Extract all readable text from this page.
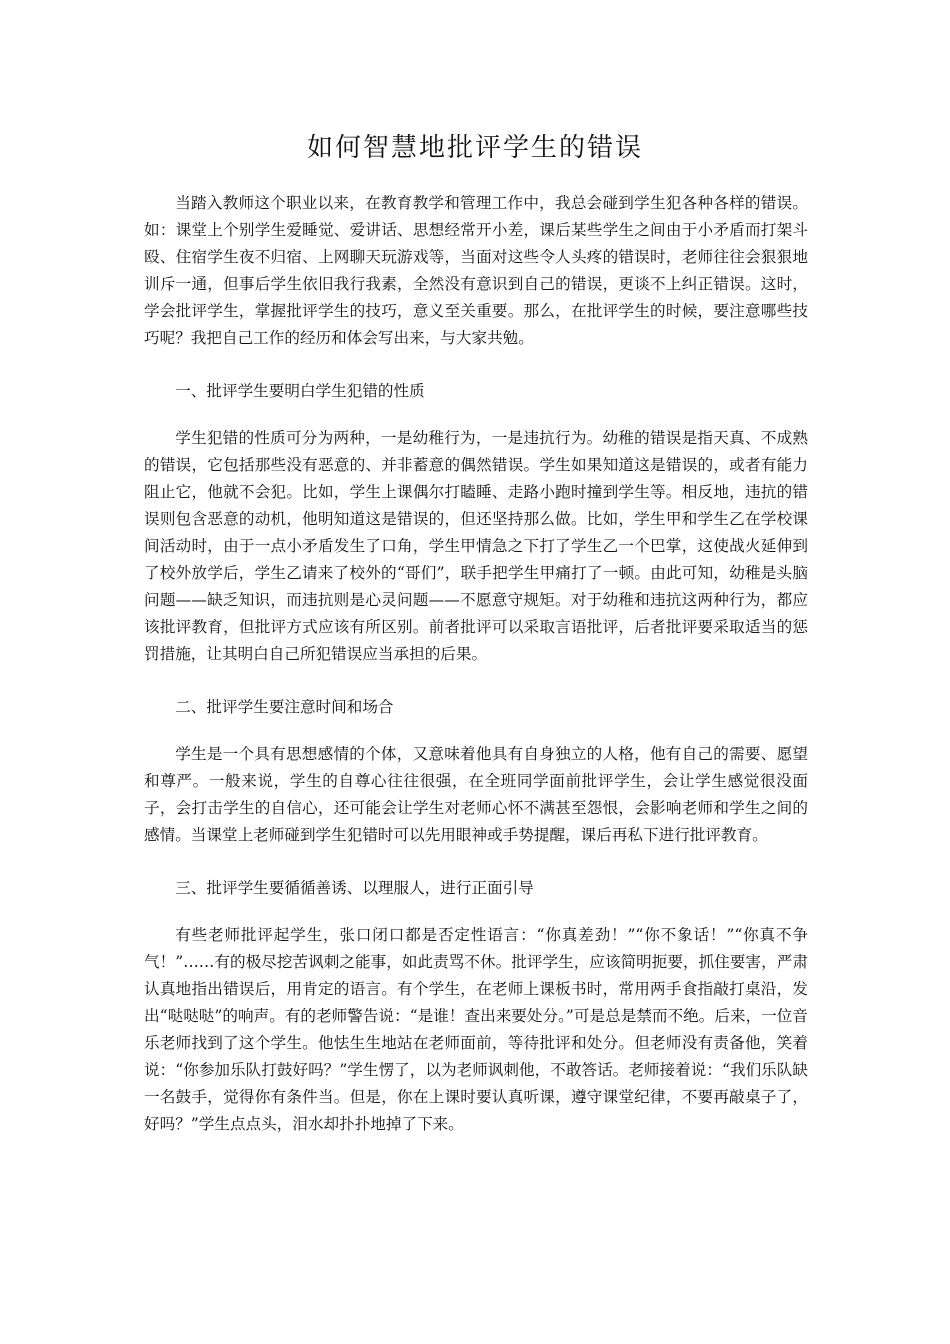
如何智慧地批评学生的错误

当踏入教师这个职业以来，在教育教学和管理工作中，我总会碰到学生犯各种各样的错误。如：课堂上个别学生爱睡觉、爱讲话、思想经常开小差，课后某些学生之间由于小矛盾而打架斗殴、住宿学生夜不归宿、上网聊天玩游戏等，当面对这些令人头疼的错误时，老师往往会狠狠地训斥一通，但事后学生依旧我行我素，全然没有意识到自己的错误，更谈不上纠正错误。这时，学会批评学生，掌握批评学生的技巧，意义至关重要。那么，在批评学生的时候，要注意哪些技巧呢？我把自己工作的经历和体会写出来，与大家共勉。

一、批评学生要明白学生犯错的性质

学生犯错的性质可分为两种，一是幼稚行为，一是违抗行为。幼稚的错误是指天真、不成熟的错误，它包括那些没有恶意的、并非蓄意的偶然错误。学生如果知道这是错误的，或者有能力阻止它，他就不会犯。比如，学生上课偶尔打瞌睡、走路小跑时撞到学生等。相反地，违抗的错误则包含恶意的动机，他明知道这是错误的，但还坚持那么做。比如，学生甲和学生乙在学校课间活动时，由于一点小矛盾发生了口角，学生甲情急之下打了学生乙一个巴掌，这使战火延伸到了校外放学后，学生乙请来了校外的“哥们”，联手把学生甲痛打了一顿。由此可知，幼稚是头脑问题——缺乏知识，而违抗则是心灵问题——不愿意守规矩。对于幼稚和违抗这两种行为，都应该批评教育，但批评方式应该有所区别。前者批评可以采取言语批评，后者批评要采取适当的惩罚措施，让其明白自己所犯错误应当承担的后果。

二、批评学生要注意时间和场合

学生是一个具有思想感情的个体，又意味着他具有自身独立的人格，他有自己的需要、愿望和尊严。一般来说，学生的自尊心往往很强，在全班同学面前批评学生，会让学生感觉很没面子，会打击学生的自信心，还可能会让学生对老师心怀不满甚至怨恨，会影响老师和学生之间的感情。当课堂上老师碰到学生犯错时可以先用眼神或手势提醒，课后再私下进行批评教育。

三、批评学生要循循善诱、以理服人，进行正面引导

有些老师批评起学生，张口闭口都是否定性语言：“你真差劲！”“你不象话！”“你真不争气！”……有的极尽挖苦讽刺之能事，如此责骂不休。批评学生，应该简明扼要，抓住要害，严肃认真地指出错误后，用肯定的语言。有个学生，在老师上课板书时，常用两手食指敲打桌沿，发出“哒哒哒”的响声。有的老师警告说：“是谁！查出来要处分。”可是总是禁而不绝。后来，一位音乐老师找到了这个学生。他怯生生地站在老师面前，等待批评和处分。但老师没有责备他，笑着说：“你参加乐队打鼓好吗？”学生愣了，以为老师讽刺他，不敢答话。老师接着说：“我们乐队缺一名鼓手，觉得你有条件当。但是，你在上课时要认真听课，遵守课堂纪律，不要再敲桌子了，好吗？”学生点点头，泪水却扑扑地掉了下来。
